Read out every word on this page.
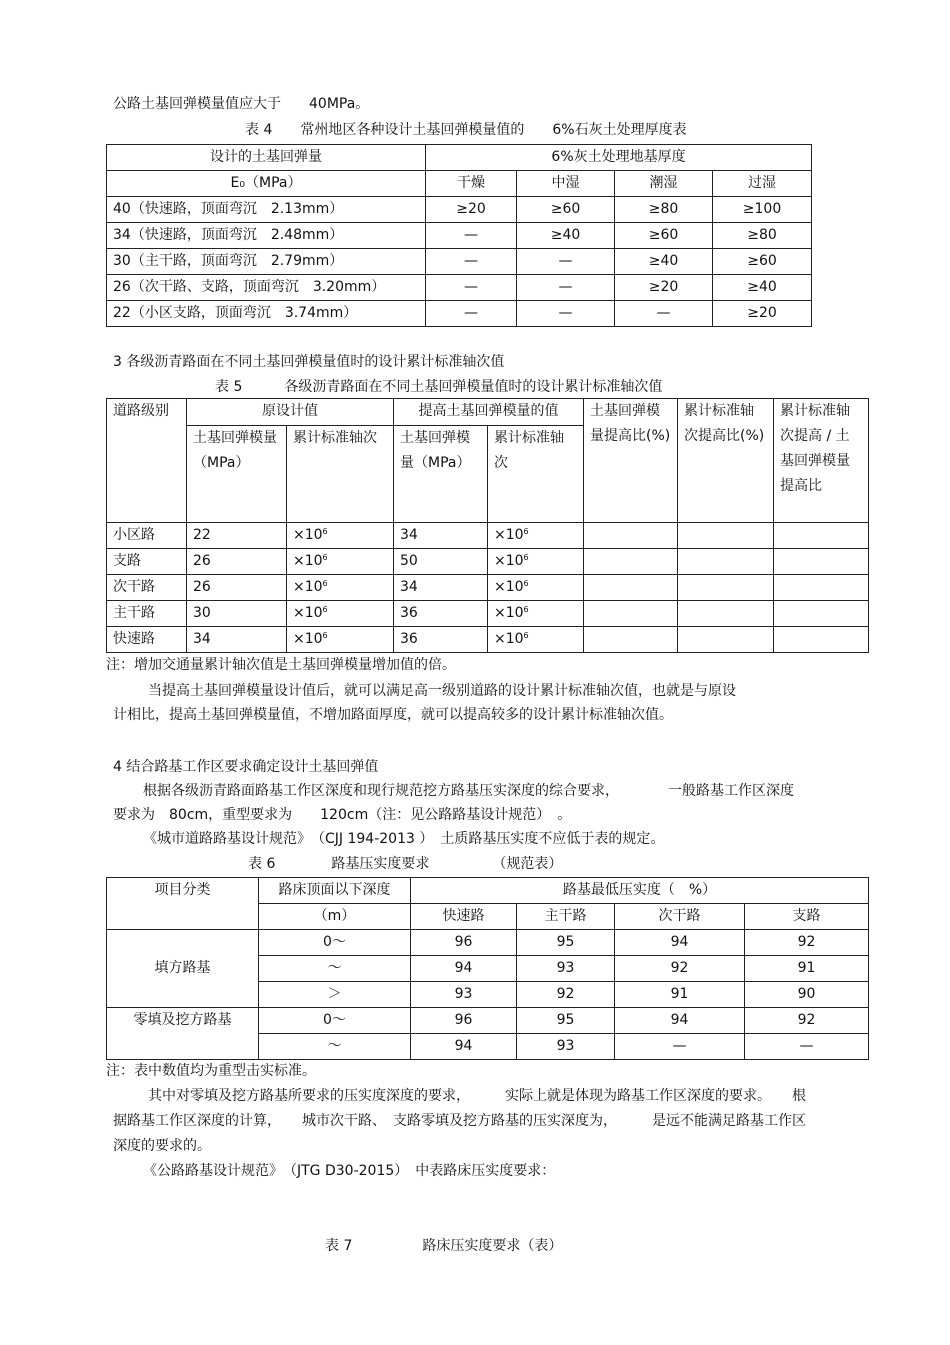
公路土基回弹模量值应大于　　40MPa。
表 4　　常州地区各种设计土基回弹模量值的　　6%石灰土处理厚度表
设计的土基回弹量	6%灰土处理地基厚度			
E₀（MPa）	干燥	中湿	潮湿	过湿
40（快速路，顶面弯沉　2.13mm）	≥20	≥60	≥80	≥100
34（快速路，顶面弯沉　2.48mm）	—	≥40	≥60	≥80
30（主干路，顶面弯沉　2.79mm）	—	—	≥40	≥60
26（次干路、支路，顶面弯沉　3.20mm）	—	—	≥20	≥40
22（小区支路，顶面弯沉　3.74mm）	—	—	—	≥20
3 各级沥青路面在不同土基回弹模量值时的设计累计标准轴次值
表 5　　　各级沥青路面在不同土基回弹模量值时的设计累计标准轴次值
道路级别	原设计值		提高土基回弹模量的值		土基回弹模量提高比(%)	累计标准轴次提高比(%)	累计标准轴次提高 / 土基回弹模量提高比
	土基回弹模量（MPa）	累计标准轴次	土基回弹模量（MPa）	累计标准轴次			
小区路	22	$\times 10^6$	34	$\times 10^6$			
支路	26	$\times 10^6$	50	$\times 10^6$			
次干路	26	$\times 10^6$	34	$\times 10^6$			
主干路	30	$\times 10^6$	36	$\times 10^6$			
快速路	34	$\times 10^6$	36	$\times 10^6$			
注：增加交通量累计轴次值是土基回弹模量增加值的倍。
当提高土基回弹模量设计值后，就可以满足高一级别道路的设计累计标准轴次值，也就是与原设
计相比，提高土基回弹模量值，不增加路面厚度，就可以提高较多的设计累计标准轴次值。
4 结合路基工作区要求确定设计土基回弹值
根据各级沥青路面路基工作区深度和现行规范挖方路基压实深度的综合要求，　　　　一般路基工作区深度
要求为　80cm，重型要求为　　120cm（注：见公路路基设计规范）　。
《城市道路路基设计规范》　（CJJ 194-2013 ）　土质路基压实度不应低于表的规定。
表 6　　　　路基压实度要求　　　　　（规范表）
项目分类	路床顶面以下深度	路基最低压实度（　%）			
	（m）	快速路	主干路	次干路	支路
填方路基	0～	96	95	94	92
	～	94	93	92	91
	＞	93	92	91	90
零填及挖方路基	0～	96	95	94	92
	～	94	93	—	—
注：表中数值均为重型击实标准。
其中对零填及挖方路基所要求的压实度深度的要求，　　　实际上就是体现为路基工作区深度的要求。　　根
据路基工作区深度的计算，　　城市次干路、　支路零填及挖方路基的压实深度为，　　　是远不能满足路基工作区
深度的要求的。
《公路路基设计规范》　（JTG D30-2015）　中表路床压实度要求：
表 7　　　　　路床压实度要求（表）
